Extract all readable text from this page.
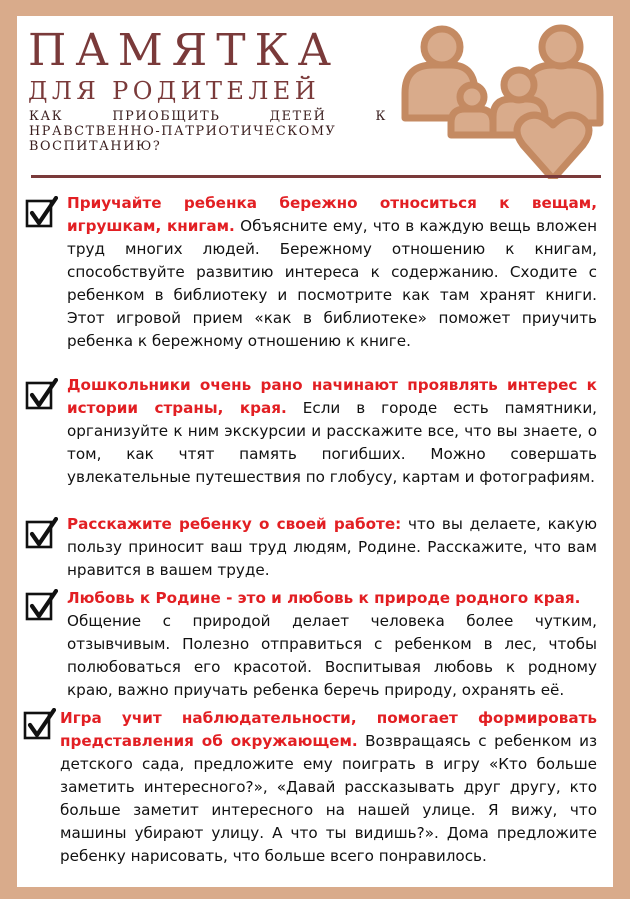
ПАМЯТКА
ДЛЯ РОДИТЕЛЕЙ
КАК ПРИОБЩИТЬ ДЕТЕЙ К
НРАВСТВЕННО-ПАТРИОТИЧЕСКОМУ
ВОСПИТАНИЮ?
Приучайте ребенка бережно относиться к вещам, игрушкам, книгам. Объясните ему, что в каждую вещь вложен труд многих людей. Бережному отношению к книгам, способствуйте развитию интереса к содержанию. Сходите с ребенком в библиотеку и посмотрите как там хранят книги. Этот игровой прием «как в библиотеке» поможет приучить ребенка к бережному отношению к книге.
Дошкольники очень рано начинают проявлять интерес к истории страны, края. Если в городе есть памятники, организуйте к ним экскурсии и расскажите все, что вы знаете, о том, как чтят память погибших. Можно совершать увлекательные путешествия по глобусу, картам и фотографиям.
Расскажите ребенку о своей работе: что вы делаете, какую пользу приносит ваш труд людям, Родине. Расскажите, что вам нравится в вашем труде.
Любовь к Родине - это и любовь к природе родного края.
Общение с природой делает человека более чутким, отзывчивым. Полезно отправиться с ребенком в лес, чтобы полюбоваться его красотой. Воспитывая любовь к родному краю, важно приучать ребенка беречь природу, охранять её.
Игра учит наблюдательности, помогает формировать представления об окружающем. Возвращаясь с ребенком из детского сада, предложите ему поиграть в игру «Кто больше заметить интересного?», «Давай рассказывать друг другу, кто больше заметит интересного на нашей улице. Я вижу, что машины убирают улицу. А что ты видишь?». Дома предложите ребенку нарисовать, что больше всего понравилось.
